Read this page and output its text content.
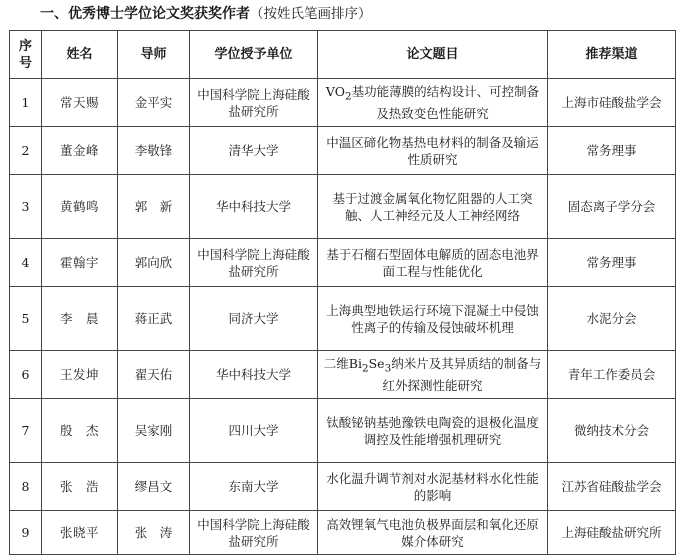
一、优秀博士学位论文奖获奖作者（按姓氏笔画排序）
序号	姓名	导师	学位授予单位	论文题目	推荐渠道
1	常天赐	金平实	中国科学院上海硅酸盐研究所	$VO_2$基功能薄膜的结构设计、可控制备及热致变色性能研究	上海市硅酸盐学会
2	董金峰	李敬锋	清华大学	中温区碲化物基热电材料的制备及输运性质研究	常务理事
3	黄鹤鸣	郭　新	华中科技大学	基于过渡金属氧化物忆阻器的人工突触、人工神经元及人工神经网络	固态离子学分会
4	霍翰宇	郭向欣	中国科学院上海硅酸盐研究所	基于石榴石型固体电解质的固态电池界面工程与性能优化	常务理事
5	李　晨	蒋正武	同济大学	上海典型地铁运行环境下混凝土中侵蚀性离子的传输及侵蚀破坏机理	水泥分会
6	王发坤	翟天佑	华中科技大学	二维$Bi_2Se_3$纳米片及其异质结的制备与红外探测性能研究	青年工作委员会
7	殷　杰	吴家刚	四川大学	钛酸铋钠基弛豫铁电陶瓷的退极化温度调控及性能增强机理研究	微纳技术分会
8	张　浩	缪昌文	东南大学	水化温升调节剂对水泥基材料水化性能的影响	江苏省硅酸盐学会
9	张晓平	张　涛	中国科学院上海硅酸盐研究所	高效锂氧气电池负极界面层和氧化还原媒介体研究	上海硅酸盐研究所
